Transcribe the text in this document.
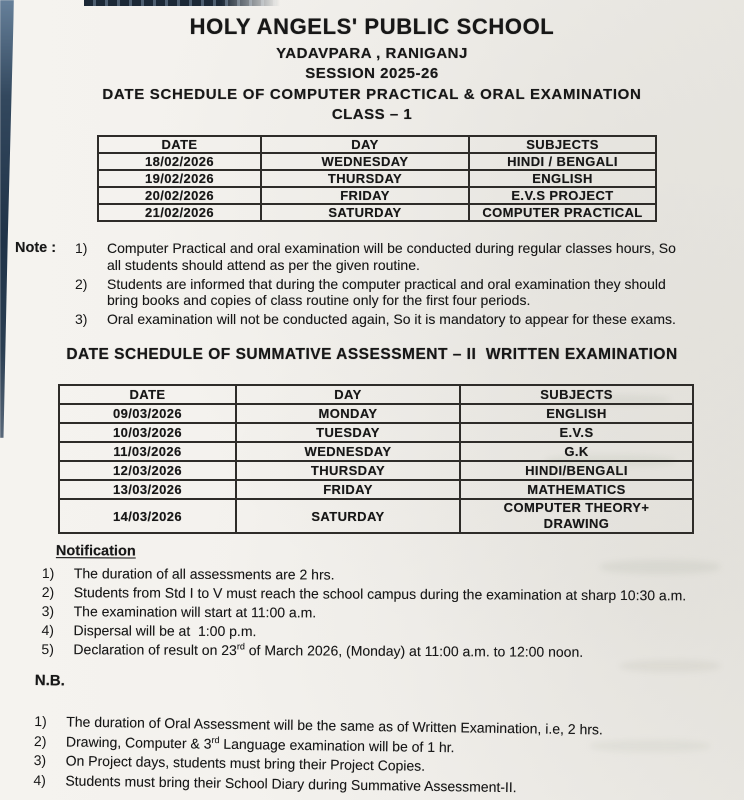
HOLY ANGELS' PUBLIC SCHOOL
YADAVPARA , RANIGANJ
SESSION 2025-26
DATE SCHEDULE OF COMPUTER PRACTICAL & ORAL EXAMINATION
CLASS – 1
DATE	DAY	SUBJECTS
18/02/2026	WEDNESDAY	HINDI / BENGALI
19/02/2026	THURSDAY	ENGLISH
20/02/2026	FRIDAY	E.V.S PROJECT
21/02/2026	SATURDAY	COMPUTER PRACTICAL
Note :	1)	Computer Practical and oral examination will be conducted during regular classes hours, So all students should attend as per the given routine.
2)	Students are informed that during the computer practical and oral examination they should bring books and copies of class routine only for the first four periods.
3)	Oral examination will not be conducted again, So it is mandatory to appear for these exams.
DATE SCHEDULE OF SUMMATIVE ASSESSMENT – II  WRITTEN EXAMINATION
DATE	DAY	SUBJECTS
09/03/2026	MONDAY	ENGLISH
10/03/2026	TUESDAY	E.V.S
11/03/2026	WEDNESDAY	G.K
12/03/2026	THURSDAY	HINDI/BENGALI
13/03/2026	FRIDAY	MATHEMATICS
14/03/2026	SATURDAY	COMPUTER THEORY+ DRAWING
Notification
1)	The duration of all assessments are 2 hrs.
2)	Students from Std I to V must reach the school campus during the examination at sharp 10:30 a.m.
3)	The examination will start at 11:00 a.m.
4)	Dispersal will be at  1:00 p.m.
5)	Declaration of result on 23rd of March 2026, (Monday) at 11:00 a.m. to 12:00 noon.
N.B.
1)	The duration of Oral Assessment will be the same as of Written Examination, i.e, 2 hrs.
2)	Drawing, Computer & 3rd Language examination will be of 1 hr.
3)	On Project days, students must bring their Project Copies.
4)	Students must bring their School Diary during Summative Assessment-II.
